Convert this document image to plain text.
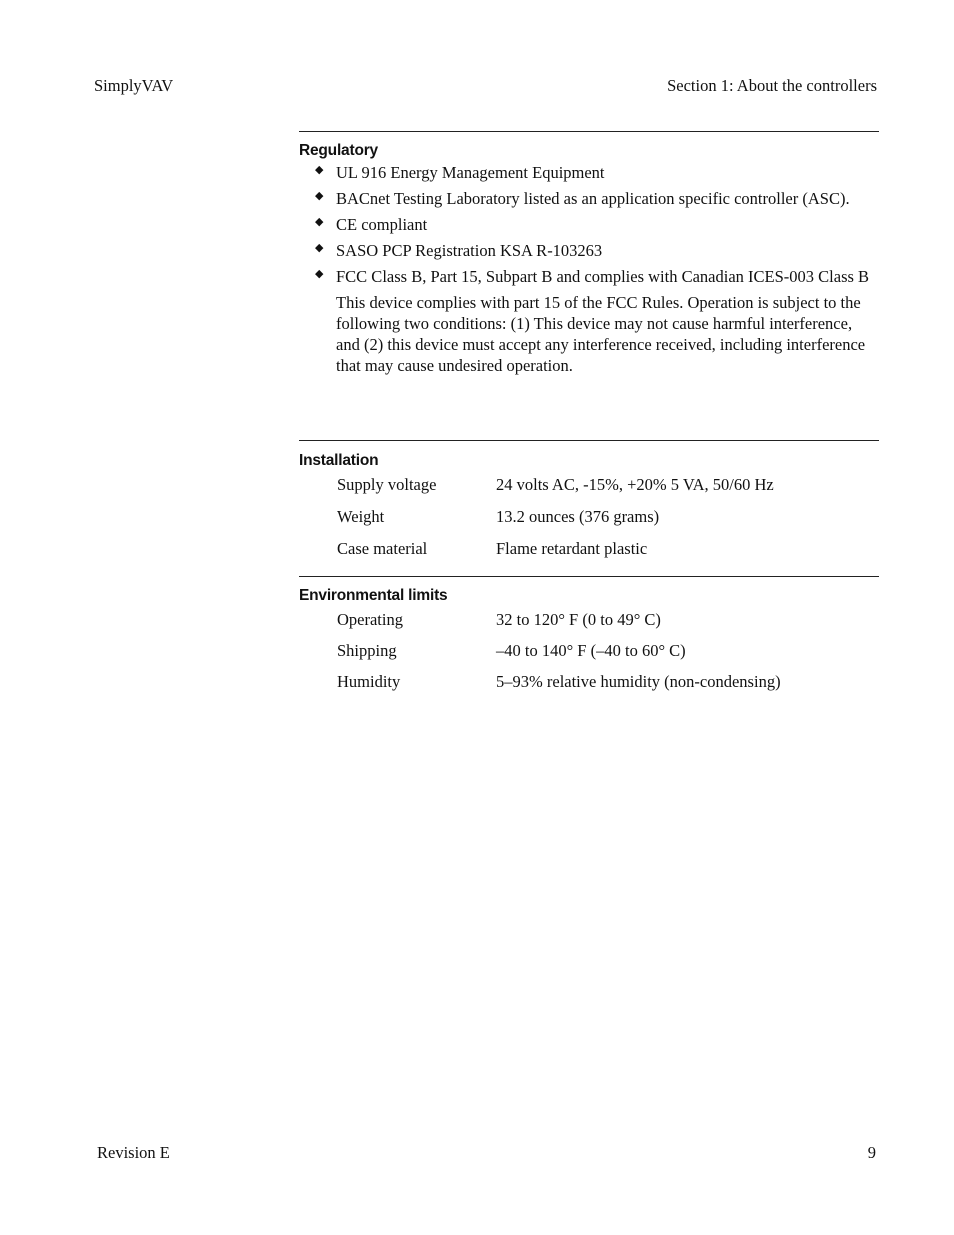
SimplyVAV	Section 1: About the controllers
Regulatory
◆ UL 916 Energy Management Equipment
◆ BACnet Testing Laboratory listed as an application specific controller (ASC).
◆ CE compliant
◆ SASO PCP Registration KSA R-103263
◆ FCC Class B, Part 15, Subpart B and complies with Canadian ICES-003 Class B

This device complies with part 15 of the FCC Rules. Operation is subject to the following two conditions: (1) This device may not cause harmful interference, and (2) this device must accept any interference received, including interference that may cause undesired operation.

Installation
Supply voltage	24 volts AC, -15%, +20% 5 VA, 50/60 Hz
Weight	13.2 ounces (376 grams)
Case material	Flame retardant plastic
Environmental limits
Operating	32 to 120° F (0 to 49° C)
Shipping	–40 to 140° F (–40 to 60° C)
Humidity	5–93% relative humidity (non-condensing)
Revision E	9
